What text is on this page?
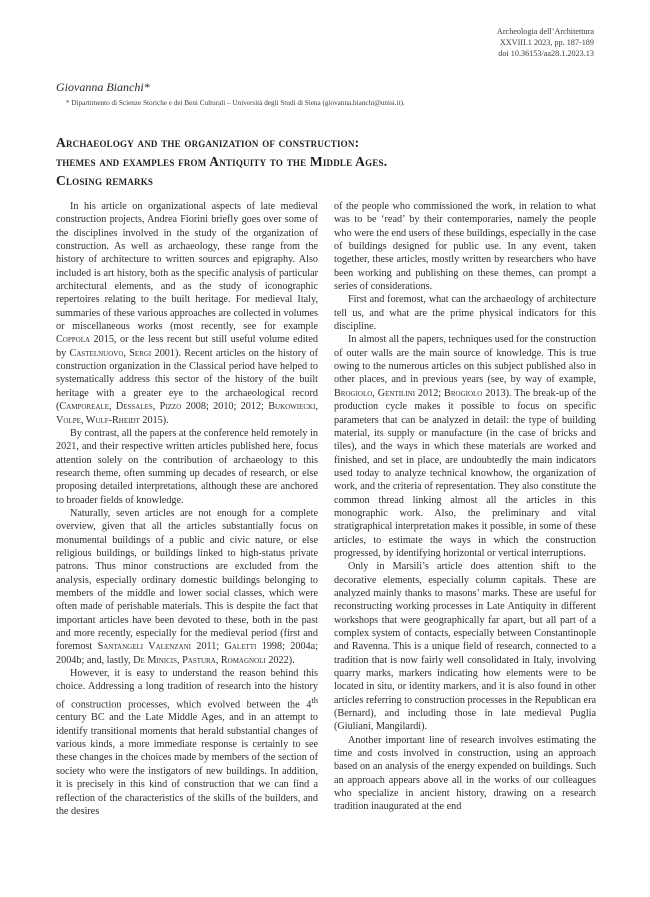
Archeologia dell’Architettura
XXVIII.1 2023, pp. 187-189
doi 10.36153/aa28.1.2023.13
Giovanna Bianchi*
* Dipartimento di Scienze Storiche e dei Beni Culturali – Università degli Studi di Siena (giovanna.bianchi@unisi.it).
Archaeology and the organization of construction:
themes and examples from Antiquity to the Middle Ages.
Closing remarks

In his article on organizational aspects of late medieval construction projects, Andrea Fiorini briefly goes over some of the disciplines involved in the study of the organization of construction. As well as archaeology, these range from the history of architecture to written sources and epigraphy. Also included is art history, both as the specific analysis of particular architectural elements, and as the study of iconographic repertoires relating to the built heritage. For medieval Italy, summaries of these various approaches are collected in volumes or miscellaneous works (most recently, see for example Coppola 2015, or the less recent but still useful volume edited by Castelnuovo, Sergi 2001). Recent articles on the history of construction organization in the Classical period have helped to systematically address this sector of the history of the built heritage with a greater eye to the archaeological record (Camporeale, Dessales, Pizzo 2008; 2010; 2012; Bukowiecki, Volpe, Wulf-Rheidt 2015).

By contrast, all the papers at the conference held remotely in 2021, and their respective written articles published here, focus attention solely on the contribution of archaeology to this research theme, often summing up decades of research, or else proposing detailed interpretations, although these are anchored to broader fields of knowledge.

Naturally, seven articles are not enough for a complete overview, given that all the articles substantially focus on monumental buildings of a public and civic nature, or else religious buildings, or buildings linked to high-status private patrons. Thus minor constructions are excluded from the analysis, especially ordinary domestic buildings belonging to members of the middle and lower social classes, which were often made of perishable materials. This is despite the fact that important articles have been devoted to these, both in the past and more recently, especially for the medieval period (first and foremost Santangeli Valenzani 2011; Galetti 1998; 2004a; 2004b; and, lastly, De Minicis, Pastura, Romagnoli 2022).

However, it is easy to understand the reason behind this choice. Addressing a long tradition of research into the history of construction processes, which evolved between the 4th century BC and the Late Middle Ages, and in an attempt to identify transitional moments that herald substantial changes of various kinds, a more immediate response is certainly to see these changes in the choices made by members of the section of society who were the instigators of new buildings. In addition, it is precisely in this kind of construction that we can find a reflection of the characteristics of the skills of the builders, and the desires

of the people who commissioned the work, in relation to what was to be ‘read’ by their contemporaries, namely the people who were the end users of these buildings, especially in the case of buildings designed for public use. In any event, taken together, these articles, mostly written by researchers who have been working and publishing on these themes, can prompt a series of considerations.

First and foremost, what can the archaeology of architecture tell us, and what are the prime physical indicators for this discipline.

In almost all the papers, techniques used for the construction of outer walls are the main source of knowledge. This is true owing to the numerous articles on this subject published also in other places, and in previous years (see, by way of example, Brogiolo, Gentilini 2012; Brogiolo 2013). The break-up of the production cycle makes it possible to focus on specific parameters that can be analyzed in detail: the type of building material, its supply or manufacture (in the case of bricks and tiles), and the ways in which these materials are worked and finished, and set in place, are undoubtedly the main indicators used today to analyze technical knowhow, the organization of work, and the criteria of representation. They also constitute the common thread linking almost all the articles in this monographic work. Also, the preliminary and vital stratigraphical interpretation makes it possible, in some of these articles, to estimate the ways in which the construction progressed, by identifying horizontal or vertical interruptions.

Only in Marsili’s article does attention shift to the decorative elements, especially column capitals. These are analyzed mainly thanks to masons’ marks. These are useful for reconstructing working processes in Late Antiquity in different workshops that were geographically far apart, but all part of a complex system of contacts, especially between Constantinople and Ravenna. This is a unique field of research, connected to a tradition that is now fairly well consolidated in Italy, involving quarry marks, markers indicating how elements were to be located in situ, or identity markers, and it is also found in other articles referring to construction processes in the Republican era (Bernard), and including those in late medieval Puglia (Giuliani, Mangilardi).

Another important line of research involves estimating the time and costs involved in construction, using an approach based on an analysis of the energy expended on buildings. Such an approach appears above all in the works of our colleagues who specialize in ancient history, drawing on a research tradition inaugurated at the end
